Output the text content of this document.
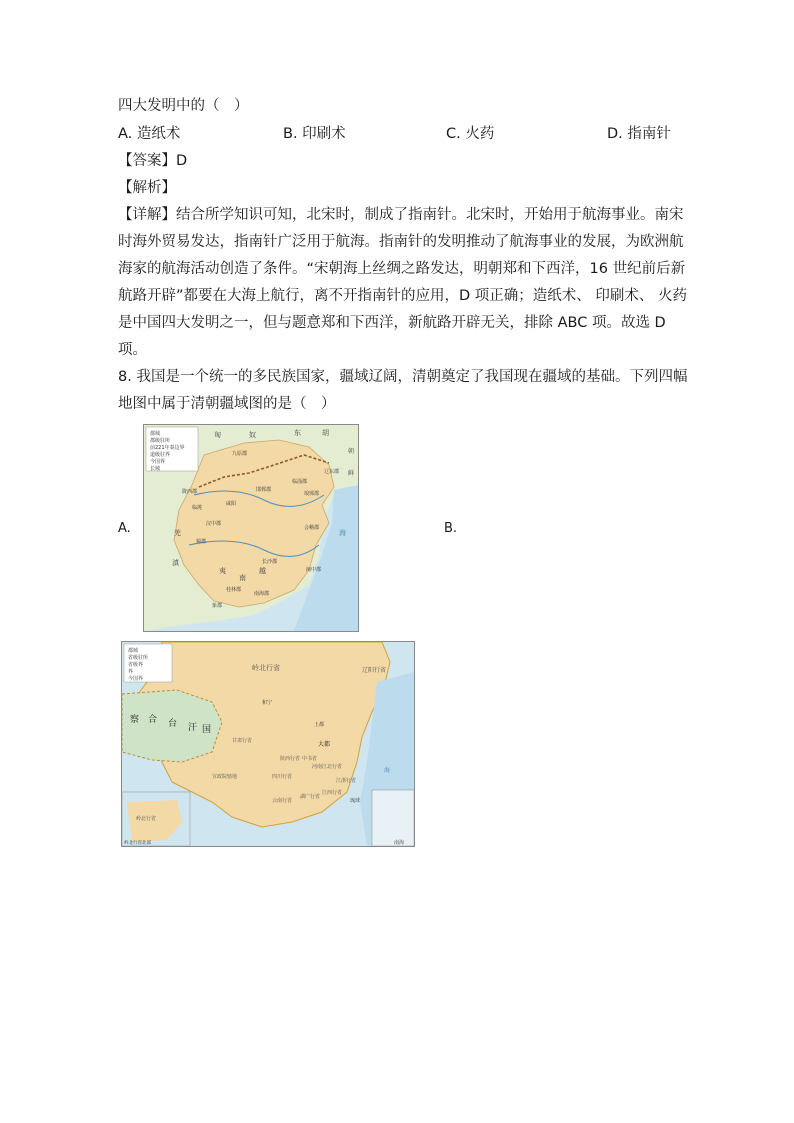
四大发明中的（　）
A. 造纸术	B. 印刷术	C. 火药	D. 指南针
【答案】D
【解析】
【详解】结合所学知识可知，北宋时，制成了指南针。北宋时，开始用于航海事业。南宋
时海外贸易发达，指南针广泛用于航海。指南针的发明推动了航海事业的发展，为欧洲航
海家的航海活动创造了条件。“宋朝海上丝绸之路发达，明朝郑和下西洋，16 世纪前后新
航路开辟”都要在大海上航行，离不开指南针的应用，D 项正确；造纸术、 印刷术、 火药
是中国四大发明之一，但与题意郑和下西洋，新航路开辟无关，排除 ABC 项。故选 D
项。
8. 我国是一个统一的多民族国家，疆域辽阔，清朝奠定了我国现在疆域的基础。下列四幅
地图中属于清朝疆域图的是（　）
A.	B.
都城
郡级驻所
前221年秦边界
道级驻界
今国界
长城
匈	奴	东	胡
九原郡
辽东郡
朝
鲜
陇西郡
临洮
咸阳
邯郸郡
临淄郡
琅邪郡
汉中郡
蜀郡
会稽郡
长沙郡
闽中郡
桂林郡
南海郡
象郡
羌
滇
夷
南
越
海
都城
省级驻所
省级界
界
今国界
岭北行省	辽阳行省
和宁
上都
大都
察 合 台 汗 国
甘肃行省
中书省
陕西行省
河南江北行省
四川行省
江浙行省
宣政院辖地
云南行省
湖广行省
江西行省
琉球
海
岭北行省
岭北行省北部	南海
